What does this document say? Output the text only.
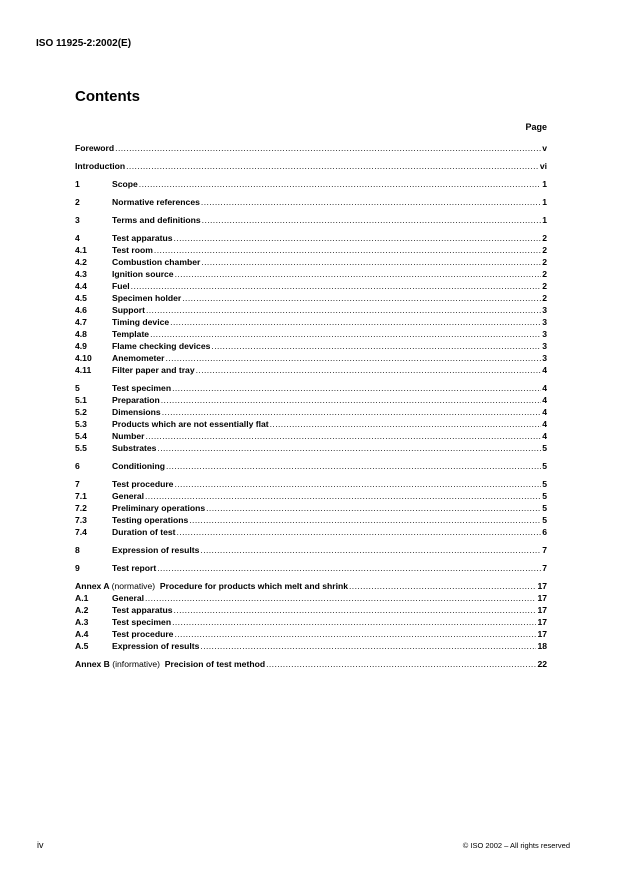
ISO 11925-2:2002(E)
Contents
Page
Foreword .....	v
Introduction .....	vi
1	Scope .....	1
2	Normative references .....	1
3	Terms and definitions .....	1
4	Test apparatus .....	2
4.1	Test room .....	2
4.2	Combustion chamber .....	2
4.3	Ignition source .....	2
4.4	Fuel .....	2
4.5	Specimen holder .....	2
4.6	Support .....	3
4.7	Timing device .....	3
4.8	Template .....	3
4.9	Flame checking devices .....	3
4.10	Anemometer .....	3
4.11	Filter paper and tray .....	4
5	Test specimen .....	4
5.1	Preparation .....	4
5.2	Dimensions .....	4
5.3	Products which are not essentially flat .....	4
5.4	Number .....	4
5.5	Substrates .....	5
6	Conditioning .....	5
7	Test procedure .....	5
7.1	General .....	5
7.2	Preliminary operations .....	5
7.3	Testing operations .....	5
7.4	Duration of test .....	6
8	Expression of results .....	7
9	Test report .....	7
Annex A (normative) Procedure for products which melt and shrink .....	17
A.1	General .....	17
A.2	Test apparatus .....	17
A.3	Test specimen .....	17
A.4	Test procedure .....	17
A.5	Expression of results .....	18
Annex B (informative) Precision of test method .....	22
iv	© ISO 2002 – All rights reserved
